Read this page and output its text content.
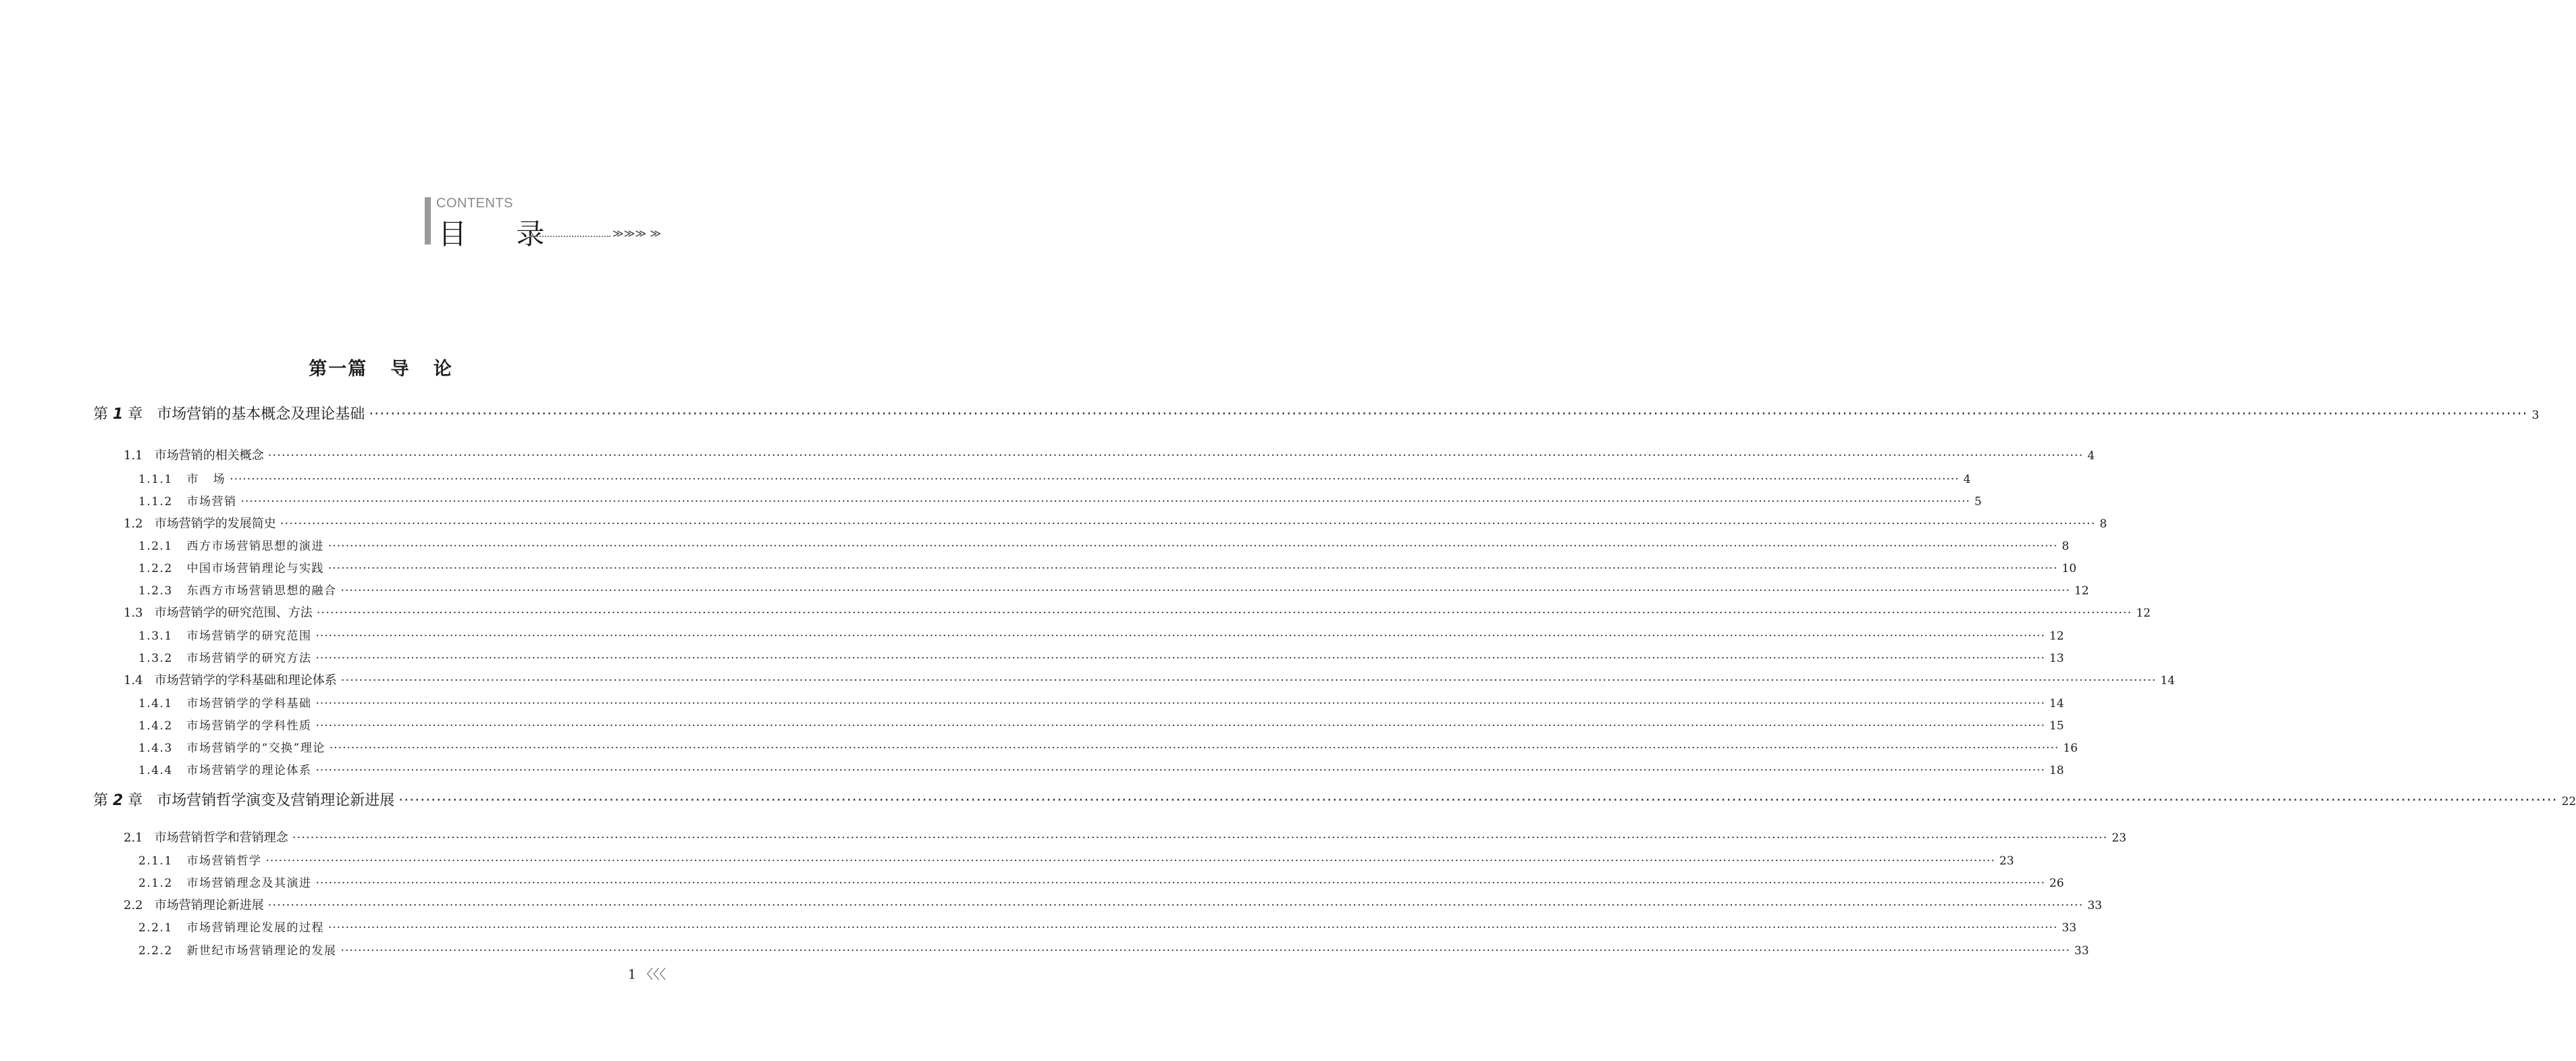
CONTENTS
目 录	≫≫≫ ≫
第一篇   导   论
第 1 章   市场营销的基本概念及理论基础 ················································································································································································································································································································································································································ 3
1.1   市场营销的相关概念 ················································································································································································································································································································································································································ 4
1.1.1   市   场 ················································································································································································································································································································································································································ 4
1.1.2   市场营销 ················································································································································································································································································································································································································ 5
1.2   市场营销学的发展简史 ················································································································································································································································································································································································································ 8
1.2.1   西方市场营销思想的演进 ················································································································································································································································································································································································································ 8
1.2.2   中国市场营销理论与实践 ················································································································································································································································································································································································································ 10
1.2.3   东西方市场营销思想的融合 ················································································································································································································································································································································································································ 12
1.3   市场营销学的研究范围、方法 ················································································································································································································································································································································································································ 12
1.3.1   市场营销学的研究范围 ················································································································································································································································································································································································································ 12
1.3.2   市场营销学的研究方法 ················································································································································································································································································································································································································ 13
1.4   市场营销学的学科基础和理论体系 ················································································································································································································································································································································································································ 14
1.4.1   市场营销学的学科基础 ················································································································································································································································································································································································································ 14
1.4.2   市场营销学的学科性质 ················································································································································································································································································································································································································ 15
1.4.3   市场营销学的“交换”理论 ················································································································································································································································································································································································································ 16
1.4.4   市场营销学的理论体系 ················································································································································································································································································································································································································ 18
第 2 章   市场营销哲学演变及营销理论新进展 ················································································································································································································································································································································································································ 22
2.1   市场营销哲学和营销理念 ················································································································································································································································································································································································································ 23
2.1.1   市场营销哲学 ················································································································································································································································································································································································································ 23
2.1.2   市场营销理念及其演进 ················································································································································································································································································································································································································ 26
2.2   市场营销理论新进展 ················································································································································································································································································································································································································ 33
2.2.1   市场营销理论发展的过程 ················································································································································································································································································································································································································ 33
2.2.2   新世纪市场营销理论的发展 ················································································································································································································································································································································································································ 33
1 〈〈〈
